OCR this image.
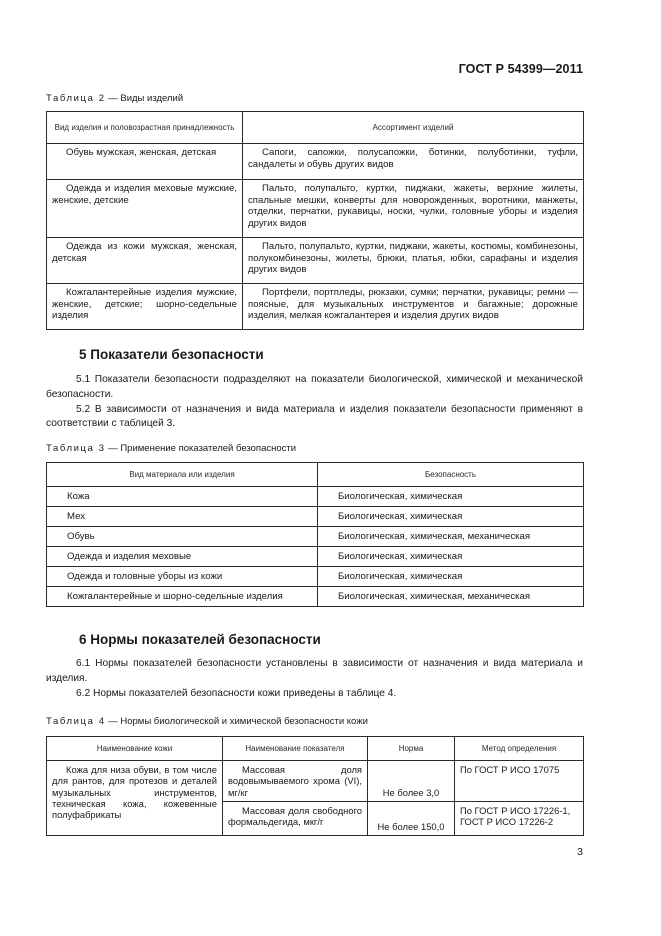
ГОСТ Р 54399—2011
Таблица 2 — Виды изделий
Вид изделия и половозрастная принадлежность	Ассортимент изделий
Обувь мужская, женская, детская	Сапоги, сапожки, полусапожки, ботинки, полуботинки, туфли, сандалеты и обувь других видов
Одежда и изделия меховые мужские, женские, детские	Пальто, полупальто, куртки, пиджаки, жакеты, верхние жилеты, спальные мешки, конверты для новорожденных, воротники, манжеты, отделки, перчатки, рукавицы, носки, чулки, головные уборы и изделия других видов
Одежда из кожи мужская, женская, детская	Пальто, полупальто, куртки, пиджаки, жакеты, костюмы, комбинезоны, полукомбинезоны, жилеты, брюки, платья, юбки, сарафаны и изделия других видов
Кожгалантерейные изделия мужские, женские, детские; шорно-седельные изделия	Портфели, портпледы, рюкзаки, сумки; перчатки, рукавицы; ремни — поясные, для музыкальных инструментов и багажные; дорожные изделия, мелкая кожгалантерея и изделия других видов
5 Показатели безопасности

5.1 Показатели безопасности подразделяют на показатели биологической, химической и механической безопасности.

5.2 В зависимости от назначения и вида материала и изделия показатели безопасности применяют в соответствии с таблицей 3.

Таблица 3 — Применение показателей безопасности
Вид материала или изделия	Безопасность
Кожа	Биологическая, химическая
Мех	Биологическая, химическая
Обувь	Биологическая, химическая, механическая
Одежда и изделия меховые	Биологическая, химическая
Одежда и головные уборы из кожи	Биологическая, химическая
Кожгалантерейные и шорно-седельные изделия	Биологическая, химическая, механическая
6 Нормы показателей безопасности

6.1 Нормы показателей безопасности установлены в зависимости от назначения и вида материала и изделия.

6.2 Нормы показателей безопасности кожи приведены в таблице 4.

Таблица 4 — Нормы биологической и химической безопасности кожи
Наименование кожи	Наименование показателя	Норма	Метод определения
Кожа для низа обуви, в том числе для рантов, для протезов и деталей музыкальных инструментов, техническая кожа, кожевенные полуфабрикаты	Массовая доля водовымываемого хрома (VI), мг/кг	Не более 3,0	По ГОСТ Р ИСО 17075
	Массовая доля свободного формальдегида, мкг/г	Не более 150,0	По ГОСТ Р ИСО 17226-1, ГОСТ Р ИСО 17226-2
3
